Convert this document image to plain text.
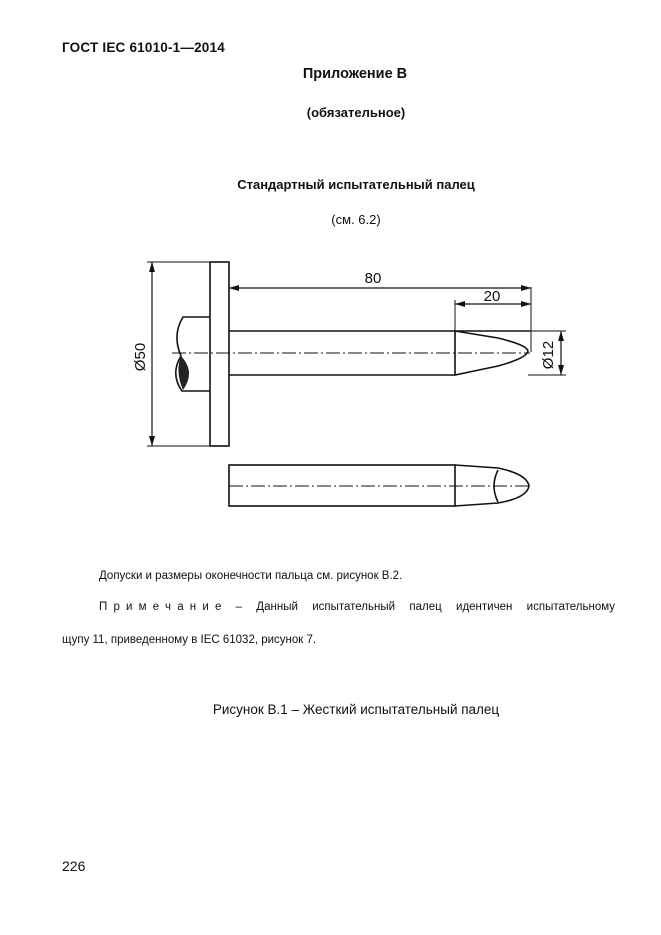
ГОСТ IEC 61010-1—2014
Приложение B
(обязательное)
Стандартный испытательный палец
(см. 6.2)
80
20
Ø50	Ø12
Допуски и размеры оконечности пальца см. рисунок B.2.
Примечание – Данный испытательный палец идентичен испытательному
щупу 11, приведенному в IEC 61032, рисунок 7.
Рисунок B.1 – Жесткий испытательный палец
226
